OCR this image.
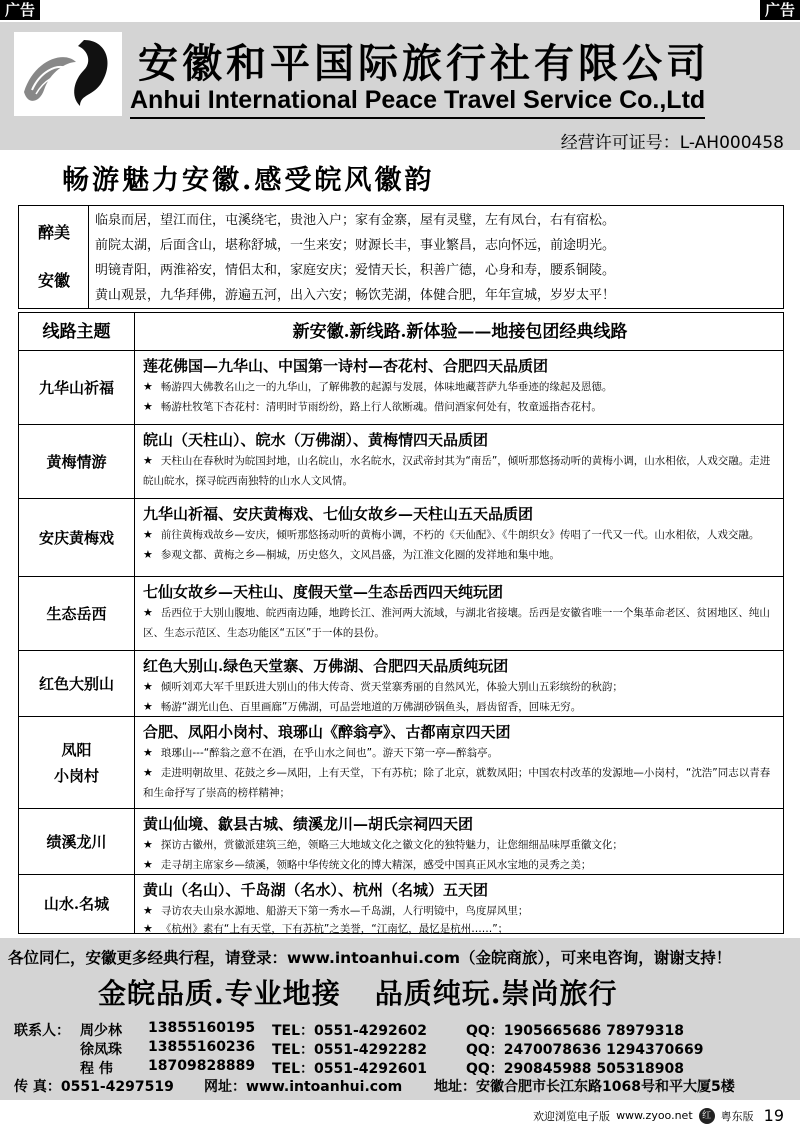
广告	广告
安徽和平国际旅行社有限公司
Anhui International Peace Travel Service Co.,Ltd
经营许可证号：L-AH000458
畅游魅力安徽.感受皖风徽韵
醉美
安徽
临泉而居，望江而住，屯溪绕宅，贵池入户；家有金寨，屋有灵璧，左有凤台，右有宿松。
前院太湖，后面含山，堪称舒城，一生来安；财源长丰，事业繁昌，志向怀远，前途明光。
明镜青阳，两淮裕安，情侣太和，家庭安庆；爱情天长，积善广德，心身和寿，腰系铜陵。
黄山观景，九华拜佛，游遍五河，出入六安；畅饮芜湖，体健合肥，年年宣城，岁岁太平！
线路主题	新安徽.新线路.新体验——地接包团经典线路
九华山祈福
莲花佛国—九华山、中国第一诗村—杏花村、合肥四天品质团
★ 畅游四大佛教名山之一的九华山，了解佛教的起源与发展，体味地藏菩萨九华垂迹的缘起及恩德。
★ 畅游杜牧笔下杏花村：清明时节雨纷纷，路上行人欲断魂。借问酒家何处有，牧童遥指杏花村。
黄梅情游
皖山（天柱山）、皖水（万佛湖）、黄梅情四天品质团
★ 天柱山在春秋时为皖国封地，山名皖山，水名皖水，汉武帝封其为“南岳”，倾听那悠扬动听的黄梅小调，山水相依，人戏交融。走进皖山皖水，探寻皖西南独特的山水人文风情。
安庆黄梅戏
九华山祈福、安庆黄梅戏、七仙女故乡—天柱山五天品质团
★ 前往黄梅戏故乡—安庆，倾听那悠扬动听的黄梅小调，不朽的《天仙配》、《牛朗织女》传唱了一代又一代。山水相依，人戏交融。
★ 参观文都、黄梅之乡—桐城，历史悠久，文风昌盛，为江淮文化圈的发祥地和集中地。
生态岳西
七仙女故乡—天柱山、度假天堂—生态岳西四天纯玩团
★ 岳西位于大别山腹地、皖西南边陲，地跨长江、淮河两大流域，与湖北省接壤。岳西是安徽省唯一一个集革命老区、贫困地区、纯山区、生态示范区、生态功能区“五区”于一体的县份。
红色大别山
红色大别山.绿色天堂寨、万佛湖、合肥四天品质纯玩团
★ 倾听刘邓大军千里跃进大别山的伟大传奇、赏天堂寨秀丽的自然风光，体验大别山五彩缤纷的秋韵；
★ 畅游“湖光山色、百里画廊”万佛湖，可品尝地道的万佛湖砂锅鱼头，唇齿留香，回味无穷。
凤阳
小岗村
合肥、凤阳小岗村、琅琊山《醉翁亭》、古都南京四天团
★ 琅琊山---“醉翁之意不在酒，在乎山水之间也”。游天下第一亭—醉翁亭。
★ 走进明朝故里、花鼓之乡—凤阳，上有天堂，下有苏杭；除了北京，就数凤阳；中国农村改革的发源地—小岗村，“沈浩”同志以青春和生命抒写了崇高的榜样精神；
绩溪龙川
黄山仙境、歙县古城、绩溪龙川—胡氏宗祠四天团
★ 探访古徽州，赏徽派建筑三绝，领略三大地域文化之徽文化的独特魅力，让您细细品味厚重徽文化；
★ 走寻胡主席家乡—绩溪，领略中华传统文化的博大精深，感受中国真正风水宝地的灵秀之美；
山水.名城
黄山（名山）、千岛湖（名水）、杭州（名城）五天团
★ 寻访农夫山泉水源地、船游天下第一秀水—千岛湖，人行明镜中，鸟度屏风里；
★ 《杭州》素有“上有天堂，下有苏杭”之美誉，“江南忆，最忆是杭州……”；
各位同仁，安徽更多经典行程，请登录：www.intoanhui.com（金皖商旅），可来电咨询，谢谢支持！
金皖品质.专业地接 品质纯玩.崇尚旅行
联系人： 周少林 13855160195 TEL：0551-4292602	QQ：1905665686 78979318
徐凤珠 13855160236 TEL：0551-4292282	QQ：2470078636 1294370669
程 伟	18709828889 TEL：0551-4292601	QQ：290845988 505318908
传 真：0551-4297519 网址：www.intoanhui.com 地址：安徽合肥市长江东路1068号和平大厦5楼
欢迎浏览电子版 www.zyoo.net	红 粤东版 19
